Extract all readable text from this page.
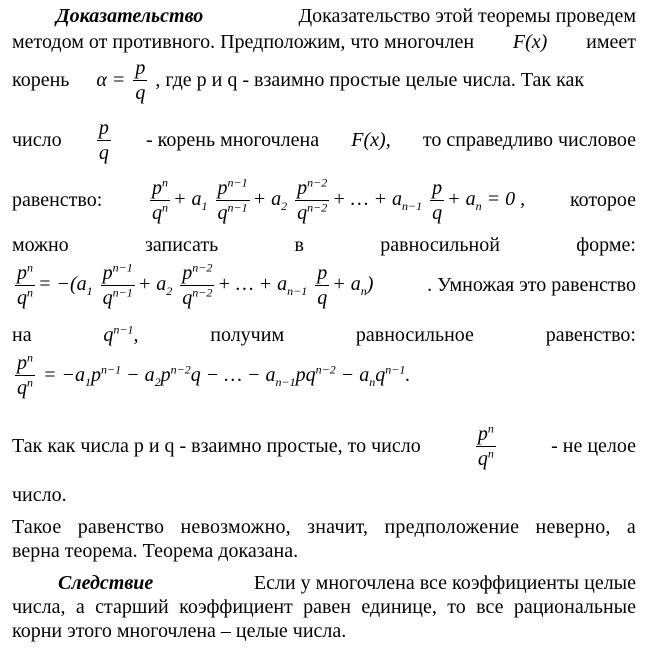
Доказательство	Доказательство этой теоремы проведем
методом от противного. Предположим, что многочлен F(x) имеет
корень $\alpha = \frac{p}{q}$ , где p и q - взаимно простые целые числа. Так как
число $\frac{p}{q}$ - корень многочлена F(x), то справедливо числовое
равенство: $\frac{p^n}{q^n} + a_1 \frac{p^{n-1}}{q^{n-1}} + a_2 \frac{p^{n-2}}{q^{n-2}}$ + … + $a_{n-1} \frac{p}{q} + a_n = 0$ , которое
можно	записать	в	равносильной	форме:
$\frac{p^n}{q^n} = -(a_1 \frac{p^{n-1}}{q^{n-1}} + a_2 \frac{p^{n-2}}{q^{n-2}}$ + … + $a_{n-1} \frac{p}{q} + a_n$)	. Умножая это равенство
на	$q^{n-1}$,	получим	равносильное	равенство:
$\frac{p^n}{q^n} = -a_1p^{n-1} - a_2p^{n-2}q$ − … − $a_{n-1}pq^{n-2} - a_nq^{n-1}$.
Так как числа p и q - взаимно простые, то число	$\frac{p^n}{q^n}$	- не целое
число.
Такое равенство невозможно, значит, предположение неверно, а
верна теорема. Теорема доказана.
Следствие	Если у многочлена все коэффициенты целые
числа, а старший коэффициент равен единице, то все рациональные
корни этого многочлена – целые числа.
